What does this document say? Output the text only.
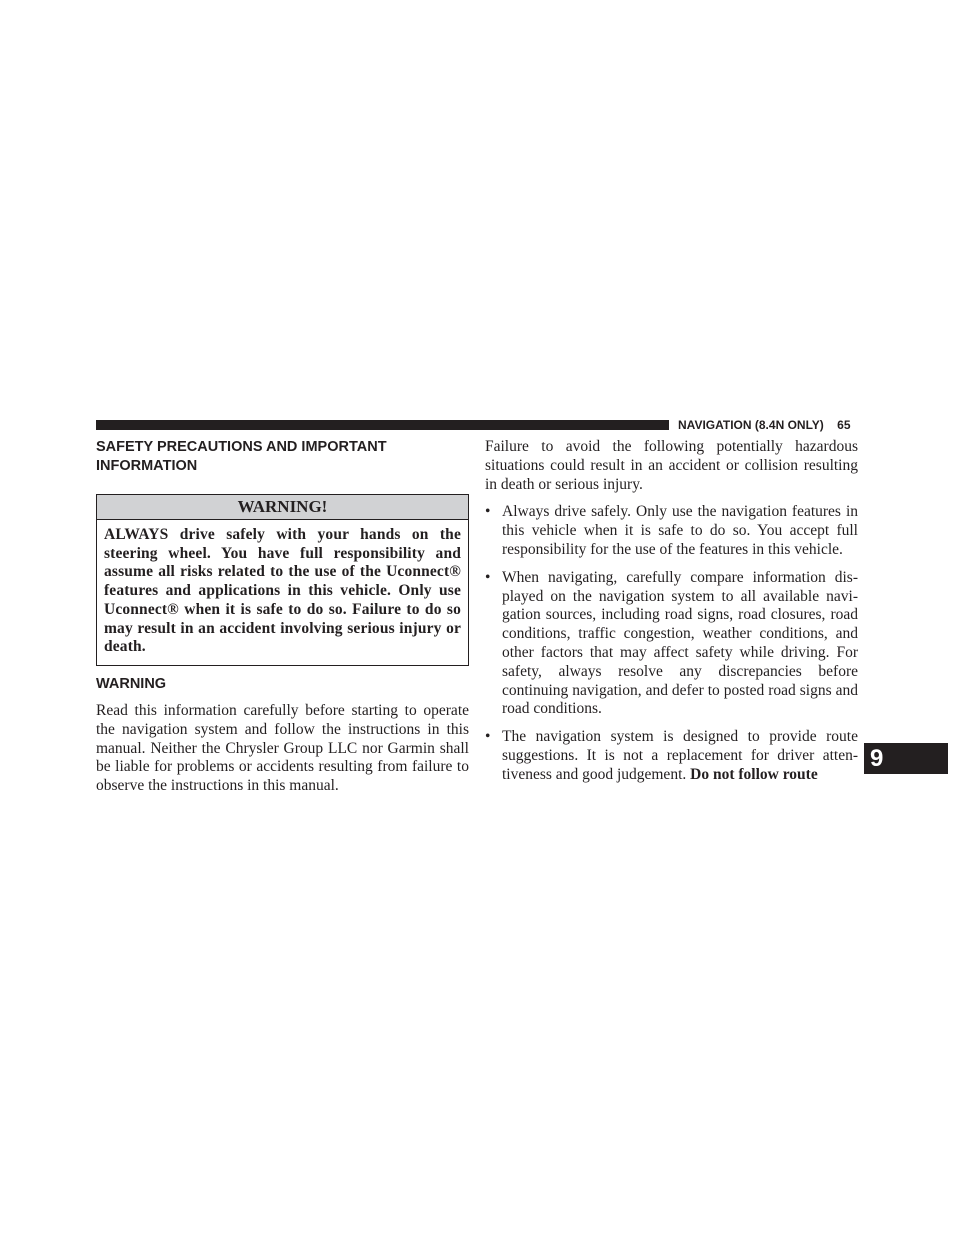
NAVIGATION (8.4N ONLY) 65
SAFETY PRECAUTIONS AND IMPORTANT
INFORMATION
WARNING!
ALWAYS drive safely with your hands on the steering wheel. You have full responsibility and assume all risks related to the use of the Uconnect® features and applications in this vehicle. Only use Uconnect® when it is safe to do so. Failure to do so may result in an accident involving serious injury or death.
WARNING

Read this information carefully before starting to operate the navigation system and follow the instructions in this manual. Neither the Chrysler Group LLC nor Garmin shall be liable for problems or accidents resulting from failure to observe the instructions in this manual.

Failure to avoid the following potentially hazardous situations could result in an accident or collision resulting in death or serious injury.

• Always drive safely. Only use the navigation features in this vehicle when it is safe to do so. You accept full responsibility for the use of the features in this vehicle.
• When navigating, carefully compare information displayed on the navigation system to all available navigation sources, including road signs, road closures, road conditions, traffic congestion, weather conditions, and other factors that may affect safety while driving. For safety, always resolve any discrepancies before continuing navigation, and defer to posted road signs and road conditions.
• The navigation system is designed to provide route suggestions. It is not a replacement for driver attentiveness and good judgement. Do not follow route
9
